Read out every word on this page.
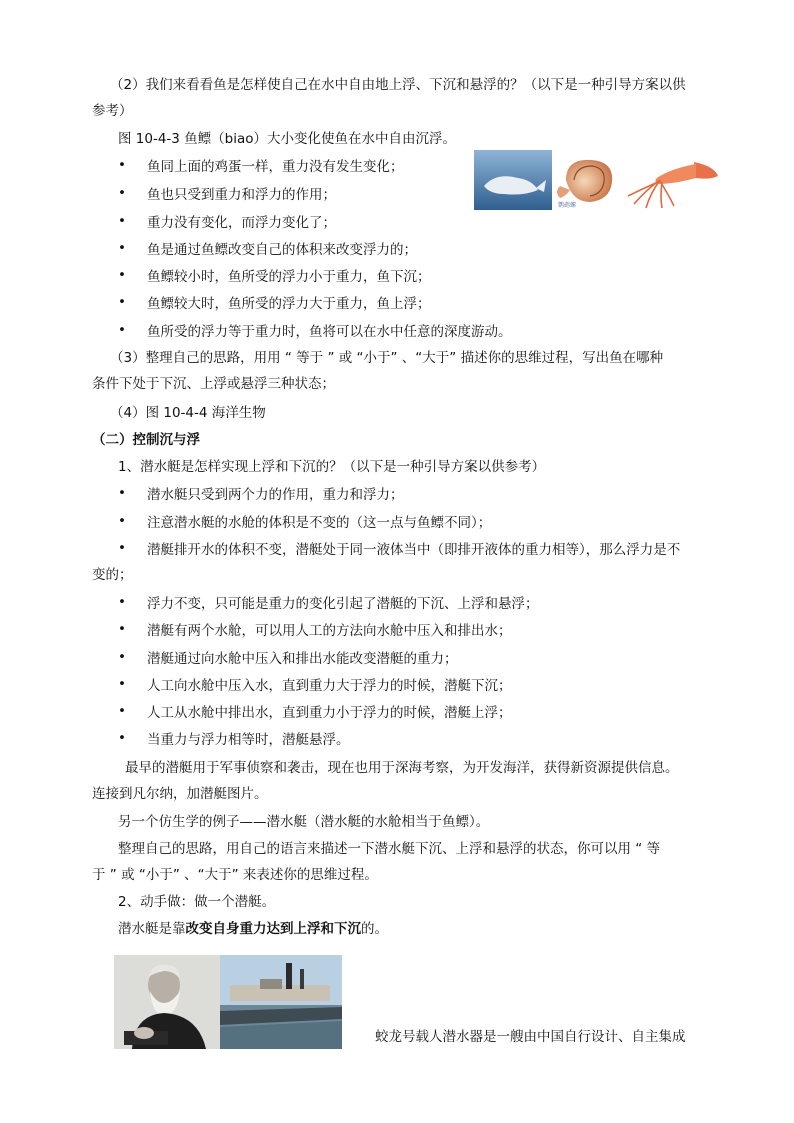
（2）我们来看看鱼是怎样使自己在水中自由地上浮、下沉和悬浮的？（以下是一种引导方案以供
参考）
图 10-4-3 鱼鳔（biao）大小变化使鱼在水中自由沉浮。
鹦鹉螺
• 鱼同上面的鸡蛋一样，重力没有发生变化；
• 鱼也只受到重力和浮力的作用；
• 重力没有变化，而浮力变化了；
• 鱼是通过鱼鳔改变自己的体积来改变浮力的；
• 鱼鳔较小时，鱼所受的浮力小于重力，鱼下沉；
• 鱼鳔较大时，鱼所受的浮力大于重力，鱼上浮；
• 鱼所受的浮力等于重力时，鱼将可以在水中任意的深度游动。
（3）整理自己的思路，用用 “ 等于 ” 或 “小于” 、“大于” 描述你的思维过程，写出鱼在哪种
条件下处于下沉、上浮或悬浮三种状态；
（4）图 10-4-4 海洋生物
（二）控制沉与浮
1、潜水艇是怎样实现上浮和下沉的？（以下是一种引导方案以供参考）
• 潜水艇只受到两个力的作用，重力和浮力；
• 注意潜水艇的水舱的体积是不变的（这一点与鱼鳔不同）；
• 潜艇排开水的体积不变，潜艇处于同一液体当中（即排开液体的重力相等），那么浮力是不
变的；
• 浮力不变，只可能是重力的变化引起了潜艇的下沉、上浮和悬浮；
• 潜艇有两个水舱，可以用人工的方法向水舱中压入和排出水；
• 潜艇通过向水舱中压入和排出水能改变潜艇的重力；
• 人工向水舱中压入水，直到重力大于浮力的时候，潜艇下沉；
• 人工从水舱中排出水，直到重力小于浮力的时候，潜艇上浮；
• 当重力与浮力相等时，潜艇悬浮。
最早的潜艇用于军事侦察和袭击，现在也用于深海考察，为开发海洋，获得新资源提供信息。
连接到凡尔纳，加潜艇图片。
另一个仿生学的例子——潜水艇（潜水艇的水舱相当于鱼鳔）。
整理自己的思路，用自己的语言来描述一下潜水艇下沉、上浮和悬浮的状态，你可以用 “ 等
于 ” 或 “小于” 、“大于” 来表述你的思维过程。
2、动手做：做一个潜艇。
潜水艇是靠改变自身重力达到上浮和下沉的。
蛟龙号载人潜水器是一艘由中国自行设计、自主集成
